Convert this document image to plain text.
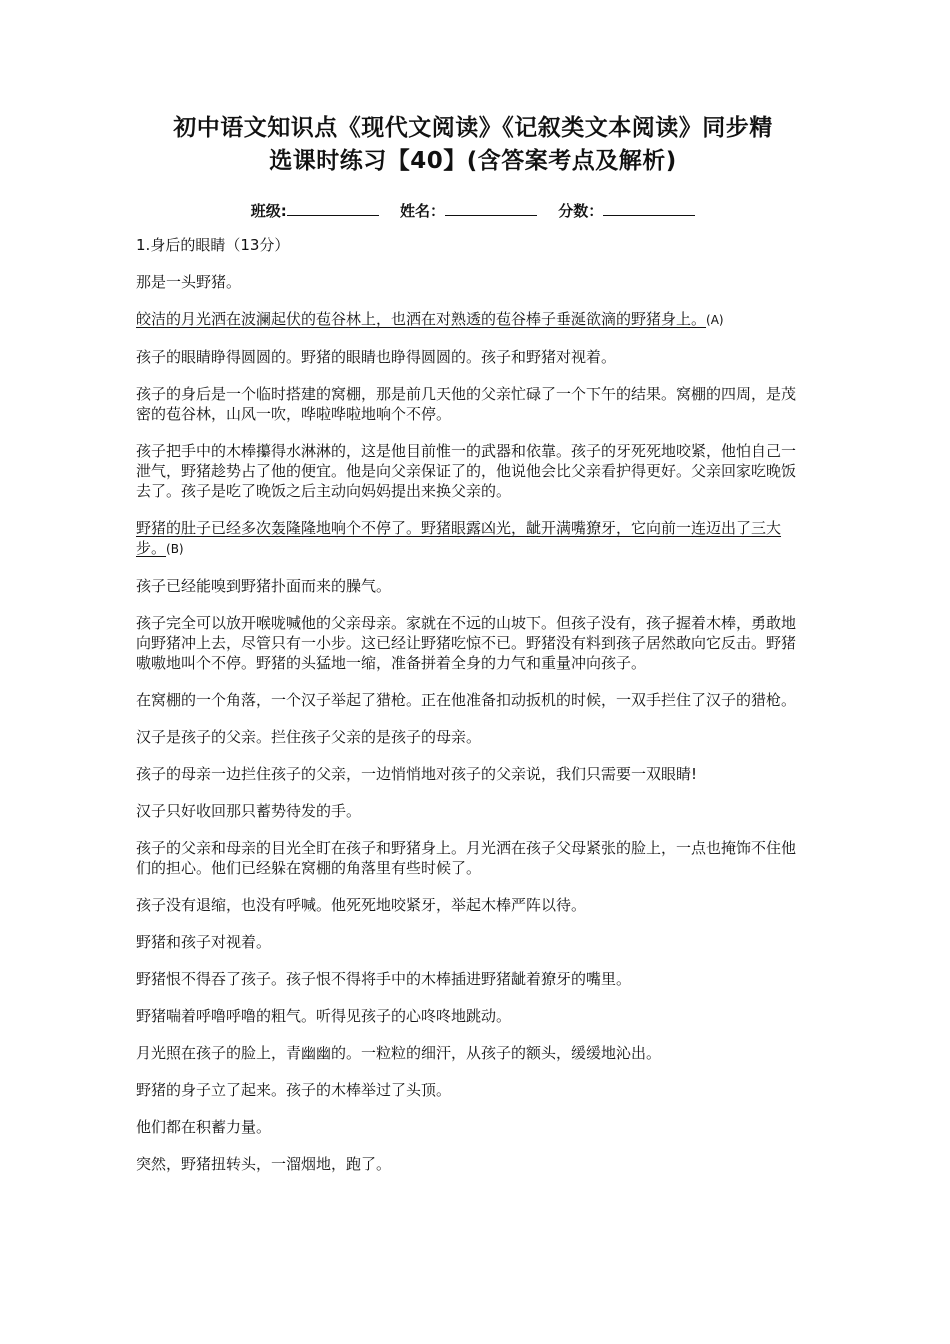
初中语文知识点《现代文阅读》《记叙类文本阅读》同步精
选课时练习【40】(含答案考点及解析)
班级:	姓名：	分数：

1.身后的眼睛（13分）

那是一头野猪。

皎洁的月光洒在波澜起伏的苞谷林上，也洒在对熟透的苞谷棒子垂涎欲滴的野猪身上。(A)

孩子的眼睛睁得圆圆的。野猪的眼睛也睁得圆圆的。孩子和野猪对视着。

孩子的身后是一个临时搭建的窝棚，那是前几天他的父亲忙碌了一个下午的结果。窝棚的四周，是茂密的苞谷林，山风一吹，哗啦哗啦地响个不停。

孩子把手中的木棒攥得水淋淋的，这是他目前惟一的武器和依靠。孩子的牙死死地咬紧，他怕自己一泄气，野猪趁势占了他的便宜。他是向父亲保证了的，他说他会比父亲看护得更好。父亲回家吃晚饭去了。孩子是吃了晚饭之后主动向妈妈提出来换父亲的。

野猪的肚子已经多次轰隆隆地响个不停了。野猪眼露凶光，龇开满嘴獠牙，它向前一连迈出了三大步。(B)

孩子已经能嗅到野猪扑面而来的臊气。

孩子完全可以放开喉咙喊他的父亲母亲。家就在不远的山坡下。但孩子没有，孩子握着木棒，勇敢地向野猪冲上去，尽管只有一小步。这已经让野猪吃惊不已。野猪没有料到孩子居然敢向它反击。野猪嗷嗷地叫个不停。野猪的头猛地一缩，准备拼着全身的力气和重量冲向孩子。

在窝棚的一个角落，一个汉子举起了猎枪。正在他准备扣动扳机的时候，一双手拦住了汉子的猎枪。

汉子是孩子的父亲。拦住孩子父亲的是孩子的母亲。

孩子的母亲一边拦住孩子的父亲，一边悄悄地对孩子的父亲说，我们只需要一双眼睛!

汉子只好收回那只蓄势待发的手。

孩子的父亲和母亲的目光全盯在孩子和野猪身上。月光洒在孩子父母紧张的脸上，一点也掩饰不住他们的担心。他们已经躲在窝棚的角落里有些时候了。

孩子没有退缩，也没有呼喊。他死死地咬紧牙，举起木棒严阵以待。

野猪和孩子对视着。

野猪恨不得吞了孩子。孩子恨不得将手中的木棒插进野猪龇着獠牙的嘴里。

野猪喘着呼噜呼噜的粗气。听得见孩子的心咚咚地跳动。

月光照在孩子的脸上，青幽幽的。一粒粒的细汗，从孩子的额头，缓缓地沁出。

野猪的身子立了起来。孩子的木棒举过了头顶。

他们都在积蓄力量。

突然，野猪扭转头，一溜烟地，跑了。
